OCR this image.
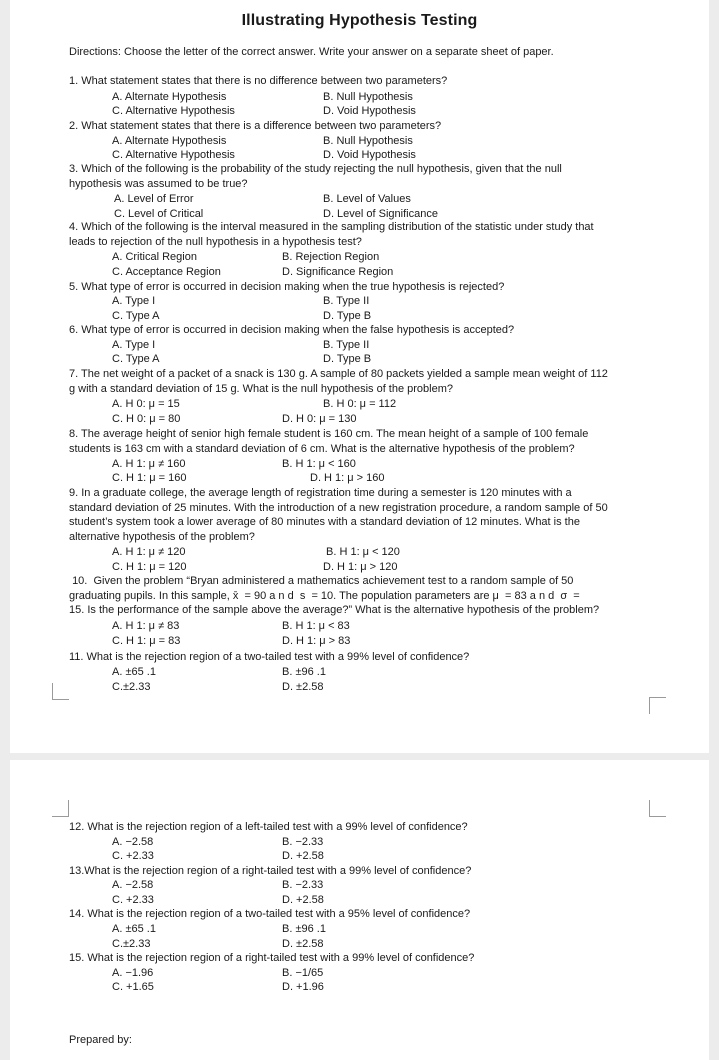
Illustrating Hypothesis Testing
Directions: Choose the letter of the correct answer. Write your answer on a separate sheet of paper.
1. What statement states that there is no difference between two parameters?
A. Alternate Hypothesis	B. Null Hypothesis
C. Alternative Hypothesis	D. Void Hypothesis
2. What statement states that there is a difference between two parameters?
A. Alternate Hypothesis	B. Null Hypothesis
C. Alternative Hypothesis	D. Void Hypothesis
3. Which of the following is the probability of the study rejecting the null hypothesis, given that the null
hypothesis was assumed to be true?
A. Level of Error	B. Level of Values
C. Level of Critical	D. Level of Significance
4. Which of the following is the interval measured in the sampling distribution of the statistic under study that
leads to rejection of the null hypothesis in a hypothesis test?
A. Critical Region	B. Rejection Region
C. Acceptance Region	D. Significance Region
5. What type of error is occurred in decision making when the true hypothesis is rejected?
A. Type I	B. Type II
C. Type A	D. Type B
6. What type of error is occurred in decision making when the false hypothesis is accepted?
A. Type I	B. Type II
C. Type A	D. Type B
7. The net weight of a packet of a snack is 130 g. A sample of 80 packets yielded a sample mean weight of 112
g with a standard deviation of 15 g. What is the null hypothesis of the problem?
A. H 0: μ = 15	B. H 0: μ = 112
C. H 0: μ = 80	D. H 0: μ = 130
8. The average height of senior high female student is 160 cm. The mean height of a sample of 100 female
students is 163 cm with a standard deviation of 6 cm. What is the alternative hypothesis of the problem?
A. H 1: μ ≠ 160	B. H 1: μ < 160
C. H 1: μ = 160	D. H 1: μ > 160
9. In a graduate college, the average length of registration time during a semester is 120 minutes with a
standard deviation of 25 minutes. With the introduction of a new registration procedure, a random sample of 50
student’s system took a lower average of 80 minutes with a standard deviation of 12 minutes. What is the
alternative hypothesis of the problem?
A. H 1: μ ≠ 120	B. H 1: μ < 120
C. H 1: μ = 120	D. H 1: μ > 120
10.  Given the problem “Bryan administered a mathematics achievement test to a random sample of 50
graduating pupils. In this sample, x̄  = 90 a n d  s  = 10. The population parameters are μ  = 83 a n d  σ  =
15. Is the performance of the sample above the average?” What is the alternative hypothesis of the problem?
A. H 1: μ ≠ 83	B. H 1: μ < 83
C. H 1: μ = 83	D. H 1: μ > 83
11. What is the rejection region of a two-tailed test with a 99% level of confidence?
A. ±65 .1	B. ±96 .1
C.±2.33	D. ±2.58
12. What is the rejection region of a left-tailed test with a 99% level of confidence?
A. −2.58	B. −2.33
C. +2.33	D. +2.58
13.What is the rejection region of a right-tailed test with a 99% level of confidence?
A. −2.58	B. −2.33
C. +2.33	D. +2.58
14. What is the rejection region of a two-tailed test with a 95% level of confidence?
A. ±65 .1	B. ±96 .1
C.±2.33	D. ±2.58
15. What is the rejection region of a right-tailed test with a 99% level of confidence?
A. −1.96	B. −1/65
C. +1.65	D. +1.96
Prepared by:
